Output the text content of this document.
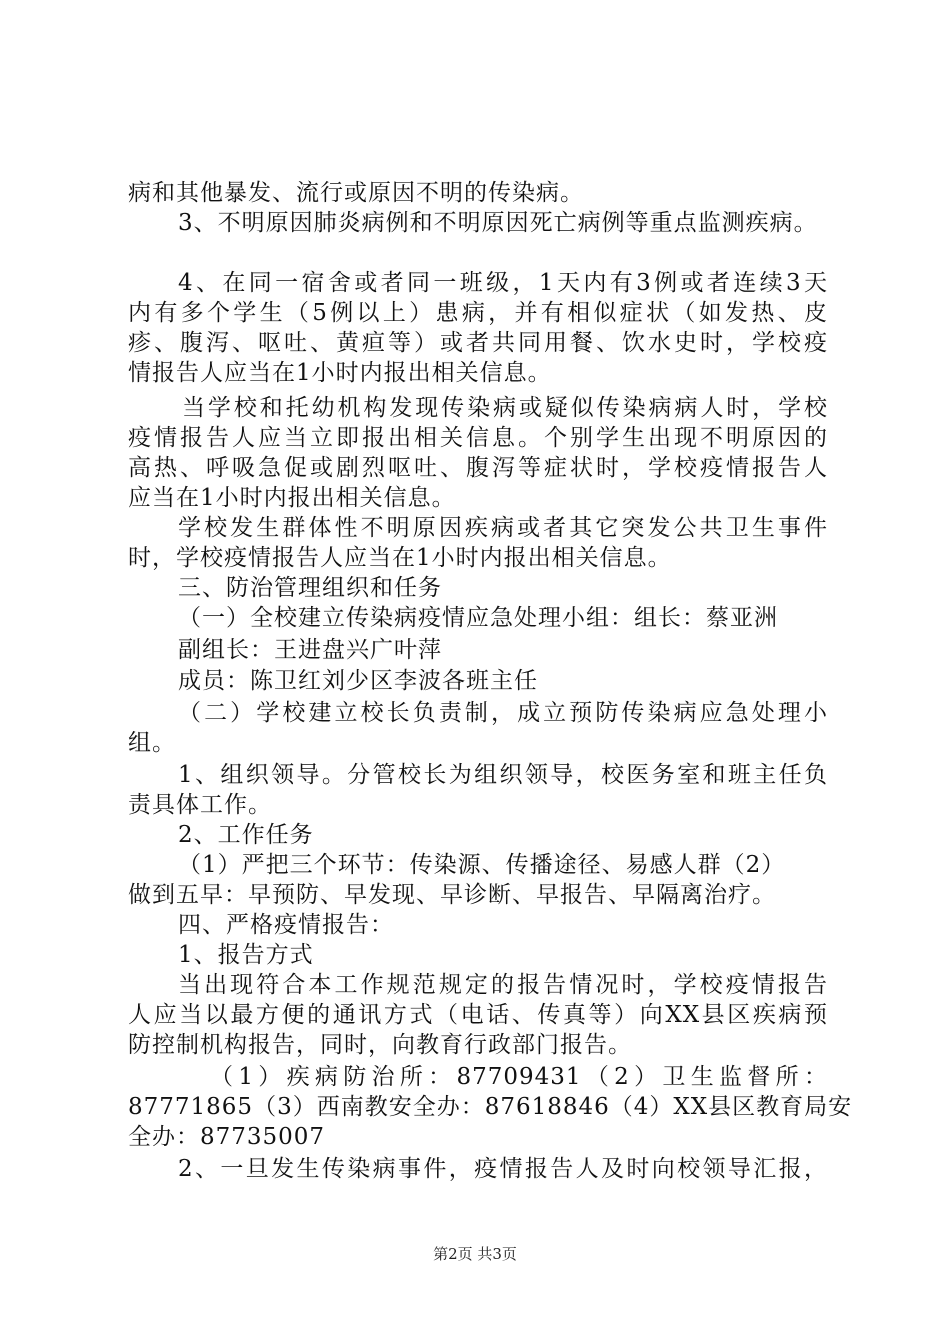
病和其他暴发、流行或原因不明的传染病。
3、不明原因肺炎病例和不明原因死亡病例等重点监测疾病。
4、在同一宿舍或者同一班级，1天内有3例或者连续3天
内有多个学生（5例以上）患病，并有相似症状（如发热、皮
疹、腹泻、呕吐、黄疸等）或者共同用餐、饮水史时，学校疫
情报告人应当在1小时内报出相关信息。
当学校和托幼机构发现传染病或疑似传染病病人时，学校
疫情报告人应当立即报出相关信息。个别学生出现不明原因的
高热、呼吸急促或剧烈呕吐、腹泻等症状时，学校疫情报告人
应当在1小时内报出相关信息。
学校发生群体性不明原因疾病或者其它突发公共卫生事件
时，学校疫情报告人应当在1小时内报出相关信息。
三、防治管理组织和任务
（一）全校建立传染病疫情应急处理小组：组长：蔡亚洲
副组长：王进盘兴广叶萍
成员：陈卫红刘少区李波各班主任
（二）学校建立校长负责制，成立预防传染病应急处理小
组。
1、组织领导。分管校长为组织领导，校医务室和班主任负
责具体工作。
2、工作任务
（1）严把三个环节：传染源、传播途径、易感人群（2）
做到五早：早预防、早发现、早诊断、早报告、早隔离治疗。
四、严格疫情报告：
1、报告方式
当出现符合本工作规范规定的报告情况时，学校疫情报告
人应当以最方便的通讯方式（电话、传真等）向XX县区疾病预
防控制机构报告，同时，向教育行政部门报告。
（1）疾病防治所：87709431（2）卫生监督所：
87771865（3）西南教安全办：87618846（4）XX县区教育局安
全办：87735007
2、一旦发生传染病事件，疫情报告人及时向校领导汇报，
第2页 共3页
